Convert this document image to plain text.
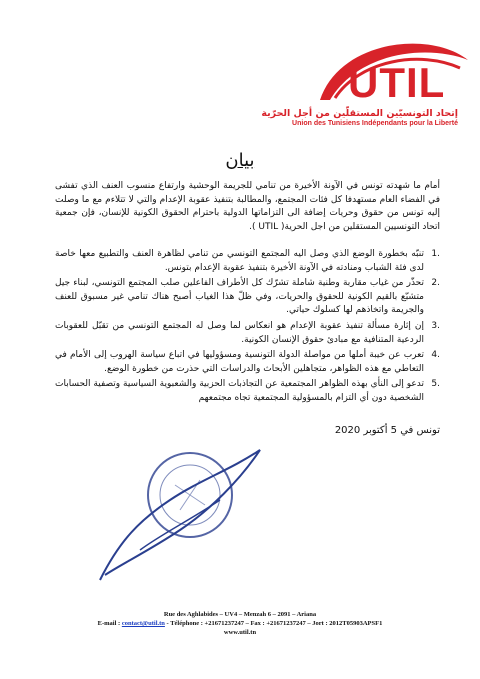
UTIL
إتحاد التونسيّين المستقلّين من أجل الحرّية
Union des Tunisiens Indépendants pour la Liberté
بيان
أمام ما شهدته تونس في الآونة الأخيرة من تنامي للجريمة الوحشية وارتفاع منسوب العنف الذي تفشى في الفضاء العام مستهدفا كل فئات المجتمع، والمطالبة بتنفيذ عقوبة الإعدام والتي لا تتلاءم مع ما وصلت إليه تونس من حقوق وحريات إضافة الى التزاماتها الدولية باحترام الحقوق الكونية للإنسان، فإن جمعية اتحاد التونسيين المستقلين من اجل الحرية( UTIL ).
.1
تنبّه بخطورة الوضع الذي وصل اليه المجتمع التونسي من تنامي لظاهرة العنف والتطبيع معها خاصة لدى فئة الشباب ومنادته في الآونة الأخيرة بتنفيذ عقوبة الإعدام بتونس.
.2
تحذّر من غياب مقاربة وطنية شاملة تشرّك كل الأطراف الفاعلين صلب المجتمع التونسي، لبناء جيل متشبّع بالقيم الكونية للحقوق والحريات، وفي ظلّ هذا الغياب أصبح هناك تنامي غير مسبوق للعنف والجريمة واتخاذهم لها كسلوك حياتي.
.3
إن إثارة مسألة تنفيذ عقوبة الإعدام هو انعكاس لما وصل له المجتمع التونسي من تقبّل للعقوبات الردعية المتنافية مع مبادئ حقوق الإنسان الكونية.
.4
تعرب عن خيبة أملها من مواصلة الدولة التونسية ومسؤوليها في اتباع سياسة الهروب إلى الأمام في التعاطي مع هذه الظواهر، متجاهلين الأبحاث والدراسات التي حذرت من خطورة الوضع.
.5
تدعو إلى النأي بهذه الظواهر المجتمعية عن التجاذبات الحزبية والشعبوية السياسية وتصفية الحسابات الشخصية دون أي التزام بالمسؤولية المجتمعية تجاه مجتمعهم
تونس في 5 أكتوبر 2020
Rue des Aghlabides – UV4 – Menzah 6 – 2091 – Ariana
E-mail : contact@util.tn - Téléphone : +21671237247 – Fax : +21671237247 – Jort : 2012T05903APSF1
www.util.tn
